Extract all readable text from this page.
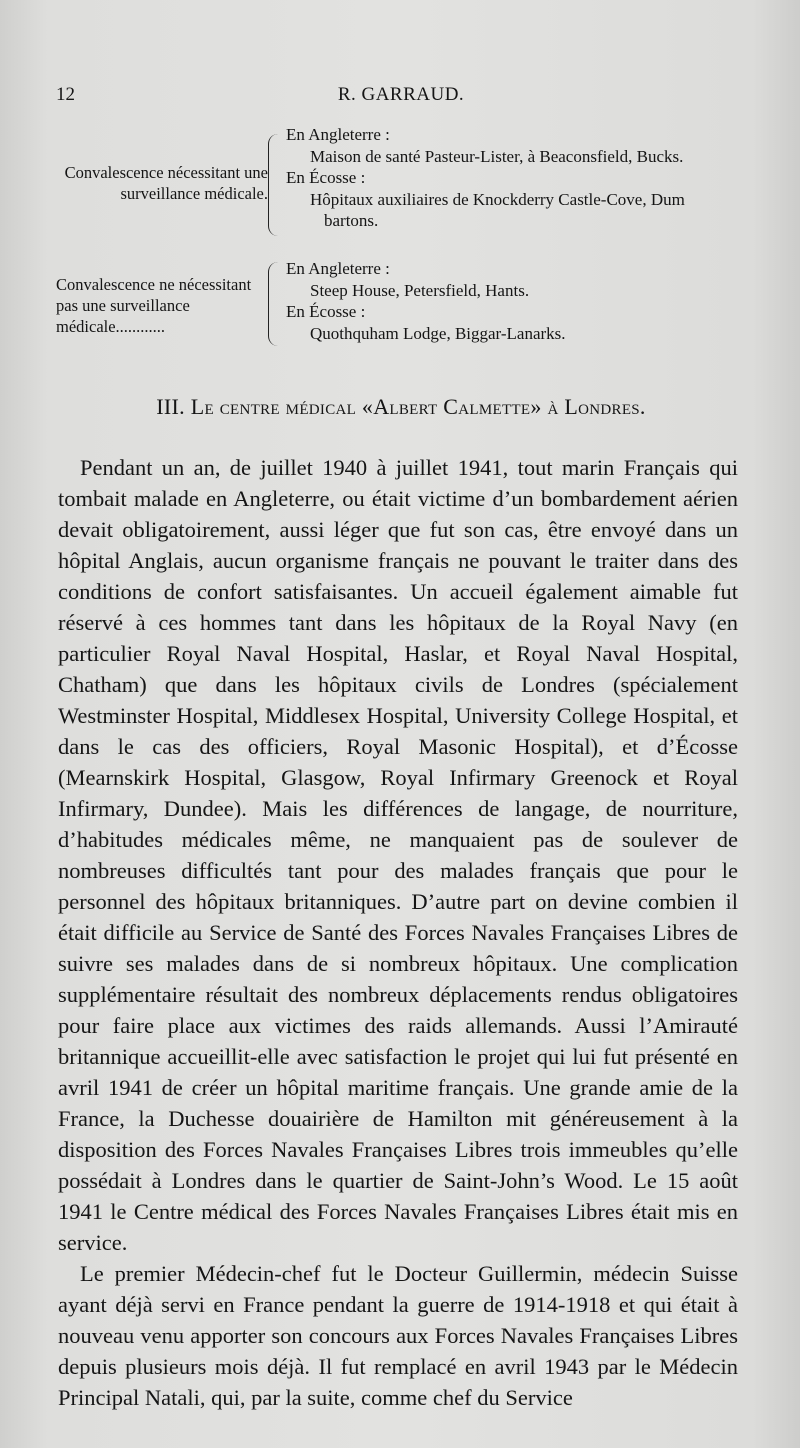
12	R. GARRAUD.
Convalescence nécessitant une surveillance médicale.
En Angleterre :
Maison de santé Pasteur-Lister, à Beaconsfield, Bucks.
En Écosse :
Hôpitaux auxiliaires de Knockderry Castle-Cove, Dum
bartons.
Convalescence ne nécessitant pas une surveillance médicale............
En Angleterre :
Steep House, Petersfield, Hants.
En Écosse :
Quothquham Lodge, Biggar-Lanarks.
III. Le centre médical «Albert Calmette» à Londres.

Pendant un an, de juillet 1940 à juillet 1941, tout marin Français qui tombait malade en Angleterre, ou était victime d’un bombardement aérien devait obligatoirement, aussi léger que fut son cas, être envoyé dans un hôpital Anglais, aucun organisme français ne pouvant le traiter dans des conditions de confort satisfaisantes. Un accueil également aimable fut réservé à ces hommes tant dans les hôpitaux de la Royal Navy (en particulier Royal Naval Hospital, Haslar, et Royal Naval Hospital, Chatham) que dans les hôpitaux civils de Londres (spécialement Westminster Hospital, Middlesex Hospital, University College Hospital, et dans le cas des officiers, Royal Masonic Hospital), et d’Écosse (Mearnskirk Hospital, Glasgow, Royal Infirmary Greenock et Royal Infirmary, Dundee). Mais les différences de langage, de nourriture, d’habitudes médicales même, ne manquaient pas de soulever de nombreuses difficultés tant pour des malades français que pour le personnel des hôpitaux britanniques. D’autre part on devine combien il était difficile au Service de Santé des Forces Navales Françaises Libres de suivre ses malades dans de si nombreux hôpitaux. Une complication supplémentaire résultait des nombreux déplacements rendus obligatoires pour faire place aux victimes des raids allemands. Aussi l’Amirauté britannique accueillit-elle avec satisfaction le projet qui lui fut présenté en avril 1941 de créer un hôpital maritime français. Une grande amie de la France, la Duchesse douairière de Hamilton mit généreusement à la disposition des Forces Navales Françaises Libres trois immeubles qu’elle possédait à Londres dans le quartier de Saint-John’s Wood. Le 15 août 1941 le Centre médical des Forces Navales Françaises Libres était mis en service.

Le premier Médecin-chef fut le Docteur Guillermin, médecin Suisse ayant déjà servi en France pendant la guerre de 1914-1918 et qui était à nouveau venu apporter son concours aux Forces Navales Françaises Libres depuis plusieurs mois déjà. Il fut remplacé en avril 1943 par le Médecin Principal Natali, qui, par la suite, comme chef du Service
